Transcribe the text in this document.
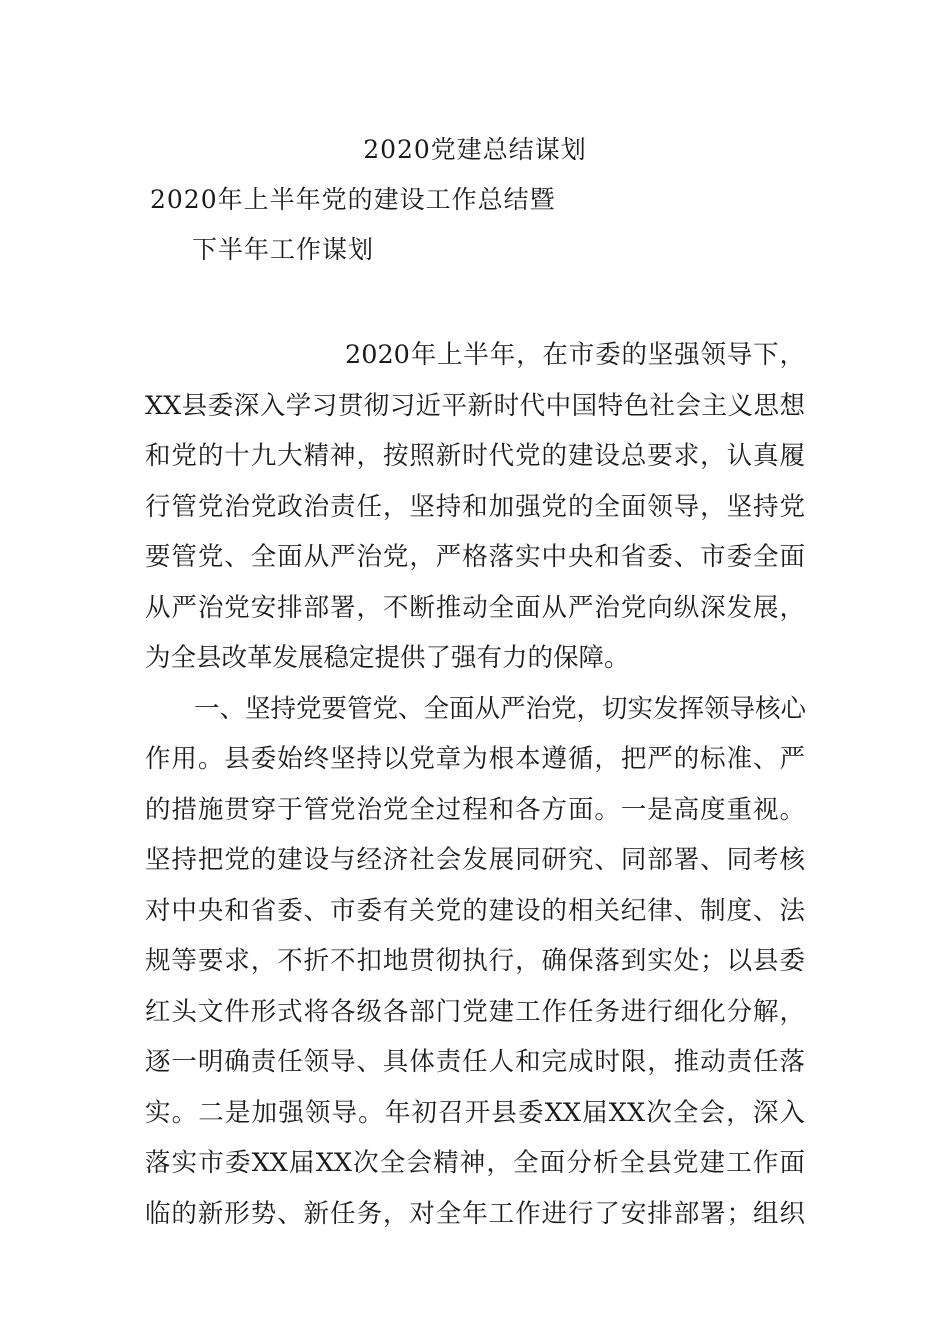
2020党建总结谋划
2020年上半年党的建设工作总结暨
下半年工作谋划
2020年上半年，在市委的坚强领导下，
XX县委深入学习贯彻习近平新时代中国特色社会主义思想
和党的十九大精神，按照新时代党的建设总要求，认真履
行管党治党政治责任，坚持和加强党的全面领导，坚持党
要管党、全面从严治党，严格落实中央和省委、市委全面
从严治党安排部署，不断推动全面从严治党向纵深发展，
为全县改革发展稳定提供了强有力的保障。
一、坚持党要管党、全面从严治党，切实发挥领导核心
作用。县委始终坚持以党章为根本遵循，把严的标准、严
的措施贯穿于管党治党全过程和各方面。一是高度重视。
坚持把党的建设与经济社会发展同研究、同部署、同考核
对中央和省委、市委有关党的建设的相关纪律、制度、法
规等要求，不折不扣地贯彻执行，确保落到实处；以县委
红头文件形式将各级各部门党建工作任务进行细化分解，
逐一明确责任领导、具体责任人和完成时限，推动责任落
实。二是加强领导。年初召开县委XX届XX次全会，深入
落实市委XX届XX次全会精神，全面分析全县党建工作面
临的新形势、新任务，对全年工作进行了安排部署；组织
